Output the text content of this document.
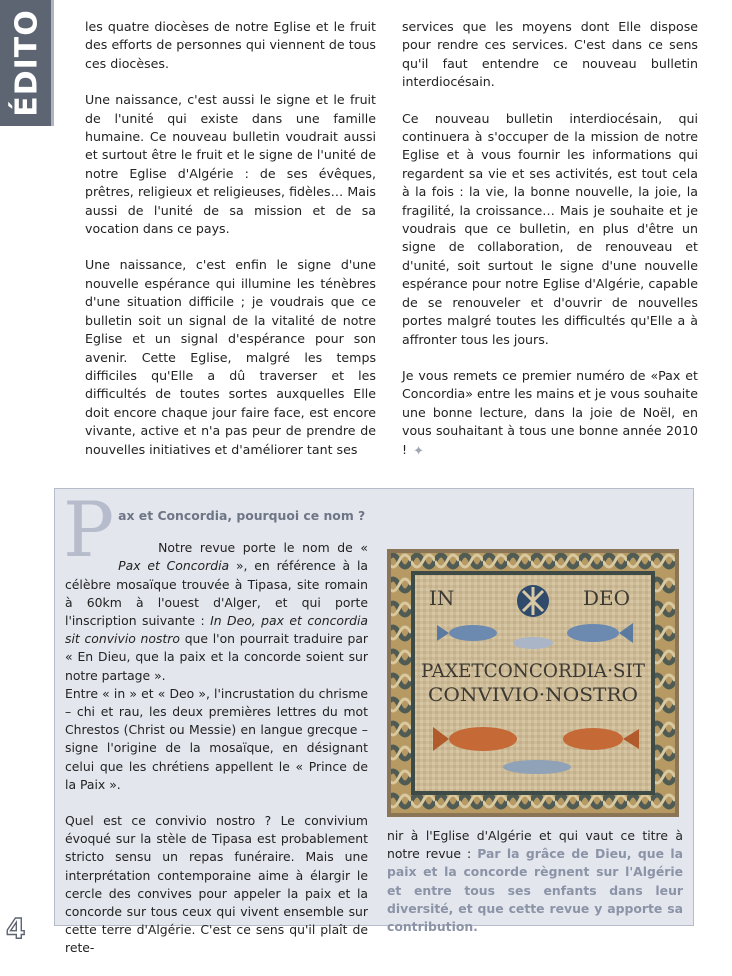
ÉDITO	les quatre diocèses de notre Eglise et le fruit des efforts de personnes qui viennent de tous ces diocèses.

Une naissance, c'est aussi le signe et le fruit de l'unité qui existe dans une famille humaine. Ce nouveau bulletin voudrait aussi et surtout être le fruit et le signe de l'unité de notre Eglise d'Algérie : de ses évêques, prêtres, religieux et religieuses, fidèles… Mais aussi de l'unité de sa mission et de sa vocation dans ce pays.

Une naissance, c'est enfin le signe d'une nouvelle espérance qui illumine les ténèbres d'une situation difficile ; je voudrais que ce bulletin soit un signal de la vitalité de notre Eglise et un signal d'espérance pour son avenir. Cette Eglise, malgré les temps difficiles qu'Elle a dû traverser et les difficultés de toutes sortes auxquelles Elle doit encore chaque jour faire face, est encore vivante, active et n'a pas peur de prendre de nouvelles initiatives et d'améliorer tant ses

services que les moyens dont Elle dispose pour rendre ces services. C'est dans ce sens qu'il faut entendre ce nouveau bulletin interdiocésain.

Ce nouveau bulletin interdiocésain, qui continuera à s'occuper de la mission de notre Eglise et à vous fournir les informations qui regardent sa vie et ses activités, est tout cela à la fois : la vie, la bonne nouvelle, la joie, la fragilité, la croissance… Mais je souhaite et je voudrais que ce bulletin, en plus d'être un signe de collaboration, de renouveau et d'unité, soit surtout le signe d'une nouvelle espérance pour notre Eglise d'Algérie, capable de se renouveler et d'ouvrir de nouvelles portes malgré toutes les difficultés qu'Elle a à affronter tous les jours.

Je vous remets ce premier numéro de «Pax et Concordia» entre les mains et je vous souhaite une bonne lecture, dans la joie de Noël, en vous souhaitant à tous une bonne année 2010 ! ✦

P ax et Concordia, pourquoi ce nom ?

Notre revue porte le nom de « Pax et Concordia », en référence à la célèbre mosaïque trouvée à Tipasa, site romain à 60km à l'ouest d'Alger, et qui porte l'inscription suivante : In Deo, pax et concordia sit convivio nostro que l'on pourrait traduire par « En Dieu, que la paix et la concorde soient sur notre partage ».

Entre « in » et « Deo », l'incrustation du chrisme – chi et rau, les deux premières lettres du mot Chrestos (Christ ou Messie) en langue grecque – signe l'origine de la mosaïque, en désignant celui que les chrétiens appellent le « Prince de la Paix ».

Quel est ce convivio nostro ? Le convivium évoqué sur la stèle de Tipasa est probablement stricto sensu un repas funéraire. Mais une interprétation contemporaine aime à élargir le cercle des convives pour appeler la paix et la concorde sur tous ceux qui vivent ensemble sur cette terre d'Algérie. C'est ce sens qu'il plaît de rete-

IN	DEO
PAXETCONCORDIA·SIT
CONVIVIO·NOSTRO
nir à l'Eglise d'Algérie et qui vaut ce titre à notre revue : Par la grâce de Dieu, que la paix et la concorde règnent sur l'Algérie et entre tous ses enfants dans leur diversité, et que cette revue y apporte sa contribution.
4
